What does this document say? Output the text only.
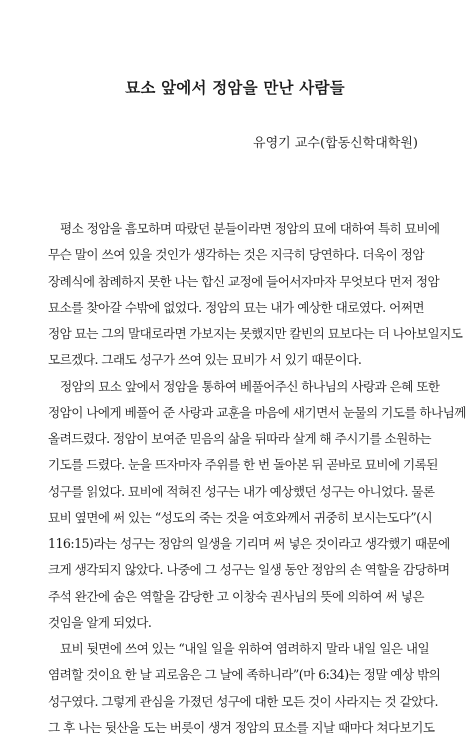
묘소 앞에서 정암을 만난 사람들
유영기 교수(합동신학대학원)
평소 정암을 흠모하며 따랐던 분들이라면 정암의 묘에 대하여 특히 묘비에
무슨 말이 쓰여 있을 것인가 생각하는 것은 지극히 당연하다. 더욱이 정암
장례식에 참례하지 못한 나는 합신 교정에 들어서자마자 무엇보다 먼저 정암
묘소를 찾아갈 수밖에 없었다. 정암의 묘는 내가 예상한 대로였다. 어쩌면
정암 묘는 그의 말대로라면 가보지는 못했지만 칼빈의 묘보다는 더 나아보일지도
모르겠다. 그래도 성구가 쓰여 있는 묘비가 서 있기 때문이다.
정암의 묘소 앞에서 정암을 통하여 베풀어주신 하나님의 사랑과 은혜 또한
정암이 나에게 베풀어 준 사랑과 교훈을 마음에 새기면서 눈물의 기도를 하나님께
올려드렸다. 정암이 보여준 믿음의 삶을 뒤따라 살게 해 주시기를 소원하는
기도를 드렸다. 눈을 뜨자마자 주위를 한 번 돌아본 뒤 곧바로 묘비에 기록된
성구를 읽었다. 묘비에 적혀진 성구는 내가 예상했던 성구는 아니었다. 물론
묘비 옆면에 써 있는 “성도의 죽는 것을 여호와께서 귀중히 보시는도다”(시
116:15)라는 성구는 정암의 일생을 기리며 써 넣은 것이라고 생각했기 때문에
크게 생각되지 않았다. 나중에 그 성구는 일생 동안 정암의 손 역할을 감당하며
주석 완간에 숨은 역할을 감당한 고 이창숙 권사님의 뜻에 의하여 써 넣은
것임을 알게 되었다.
묘비 뒷면에 쓰여 있는 “내일 일을 위하여 염려하지 말라 내일 일은 내일
염려할 것이요 한 날 괴로움은 그 날에 족하니라”(마 6:34)는 정말 예상 밖의
성구였다. 그렇게 관심을 가졌던 성구에 대한 모든 것이 사라지는 것 같았다.
그 후 나는 뒷산을 도는 버릇이 생겨 정암의 묘소를 지날 때마다 쳐다보기도
